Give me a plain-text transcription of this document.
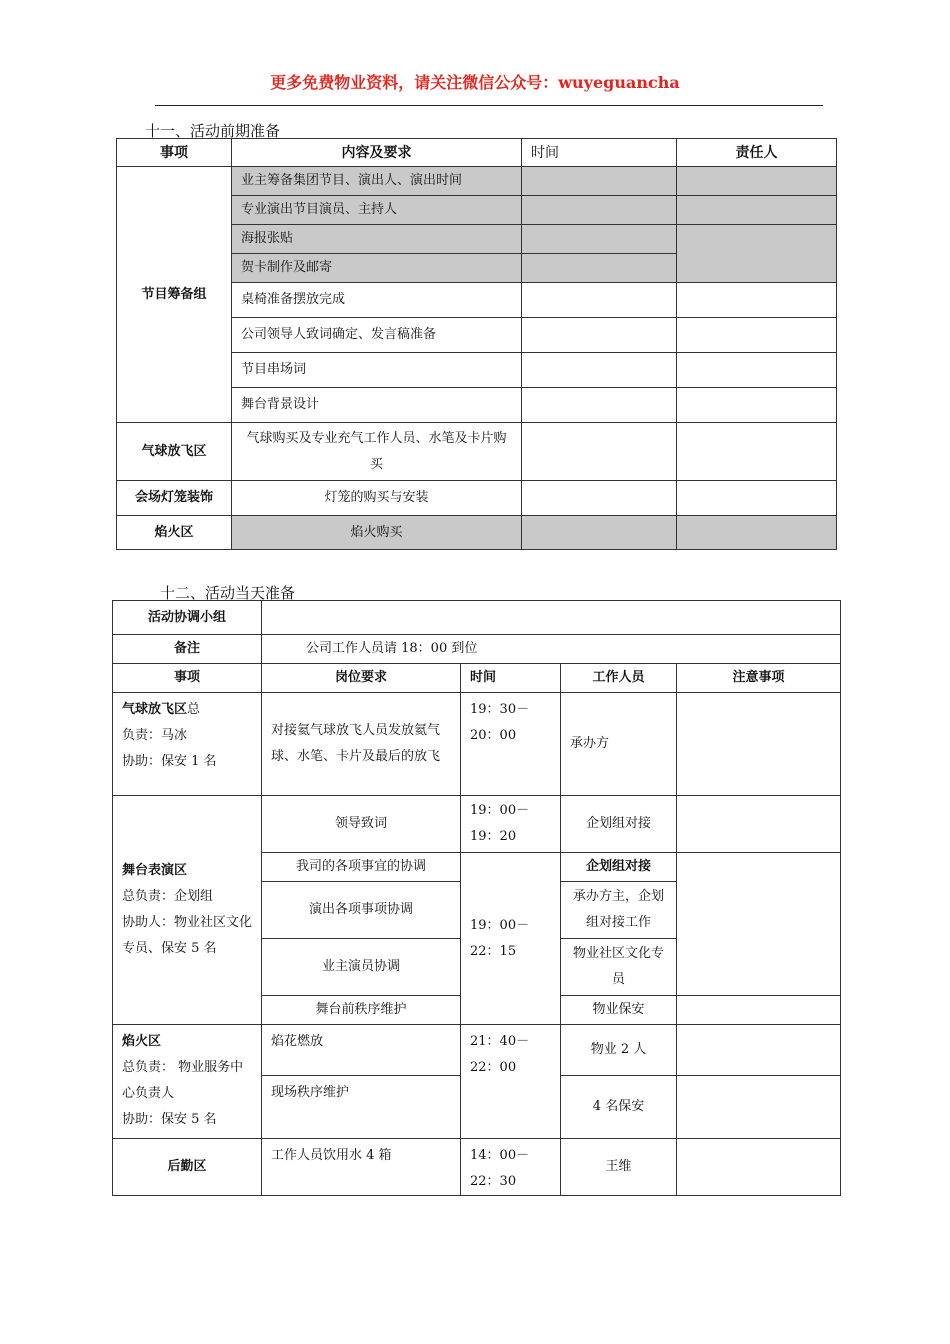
更多免费物业资料，请关注微信公众号：wuyeguancha
十一、活动前期准备
事项	内容及要求	时间	责任人
节目筹备组	业主筹备集团节目、演出人、演出时间		
	专业演出节目演员、主持人		
	海报张贴		
	贺卡制作及邮寄		
	桌椅准备摆放完成		
	公司领导人致词确定、发言稿准备		
	节目串场词		
	舞台背景设计		
气球放飞区	气球购买及专业充气工作人员、水笔及卡片购买		
会场灯笼装饰	灯笼的购买与安装		
焰火区	焰火购买		
十二、活动当天准备
活动协调小组				
备注	公司工作人员请 18：00 到位			
事项	岗位要求	时间	工作人员	注意事项
气球放飞区总
负责：马冰
协助：保安 1 名	对接氦气球放飞人员发放氦气球、水笔、卡片及最后的放飞	19：30－20：00	承办方	
舞台表演区
总负责：企划组
协助人：物业社区文化专员、保安 5 名	领导致词	19：00－19：20	企划组对接	
	我司的各项事宜的协调	19：00－22：15	企划组对接	
	演出各项事项协调		承办方主，企划组对接工作	
	业主演员协调		物业社区文化专员	
	舞台前秩序维护		物业保安	
焰火区
总负责： 物业服务中心负责人
协助：保安 5 名	焰花燃放	21：40－22：00	物业 2 人	
	现场秩序维护		4 名保安	
后勤区	工作人员饮用水 4 箱	14：00－22：30	王维	
